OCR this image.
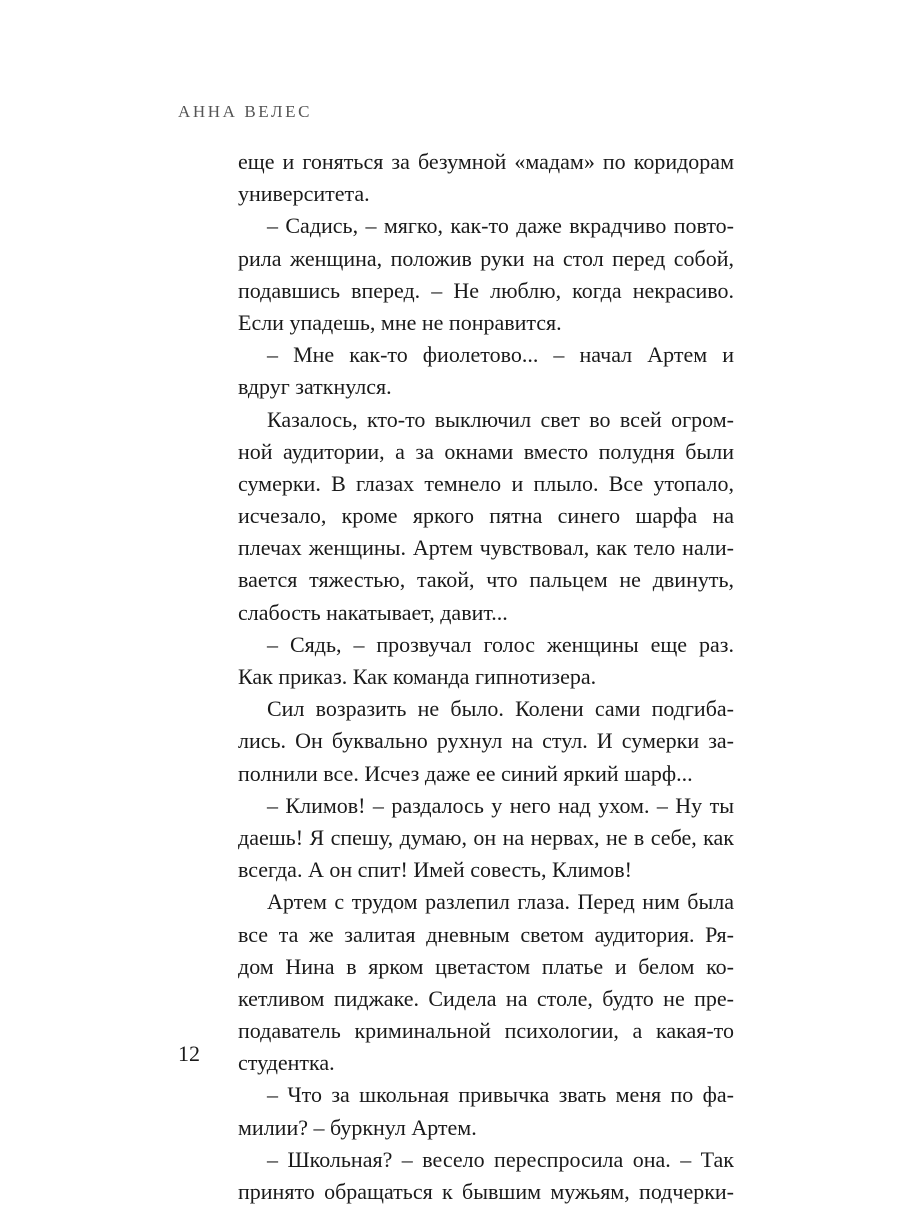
АННА ВЕЛЕС
еще и гоняться за безумной «мадам» по коридорам
университета.
– Садись, – мягко, как-то даже вкрадчиво повто-
рила женщина, положив руки на стол перед собой,
подавшись вперед. – Не люблю, когда некрасиво.
Если упадешь, мне не понравится.
– Мне как-то фиолетово... – начал Артем и
вдруг заткнулся.
Казалось, кто-то выключил свет во всей огром-
ной аудитории, а за окнами вместо полудня были
сумерки. В глазах темнело и плыло. Все утопало,
исчезало, кроме яркого пятна синего шарфа на
плечах женщины. Артем чувствовал, как тело нали-
вается тяжестью, такой, что пальцем не двинуть,
слабость накатывает, давит...
– Сядь, – прозвучал голос женщины еще раз.
Как приказ. Как команда гипнотизера.
Сил возразить не было. Колени сами подгиба-
лись. Он буквально рухнул на стул. И сумерки за-
полнили все. Исчез даже ее синий яркий шарф...
– Климов! – раздалось у него над ухом. – Ну ты
даешь! Я спешу, думаю, он на нервах, не в себе, как
всегда. А он спит! Имей совесть, Климов!
Артем с трудом разлепил глаза. Перед ним была
все та же залитая дневным светом аудитория. Ря-
дом Нина в ярком цветастом платье и белом ко-
кетливом пиджаке. Сидела на столе, будто не пре-
подаватель криминальной психологии, а какая-то
студентка.
– Что за школьная привычка звать меня по фа-
милии? – буркнул Артем.
– Школьная? – весело переспросила она. – Так
принято обращаться к бывшим мужьям, подчерки-
12
